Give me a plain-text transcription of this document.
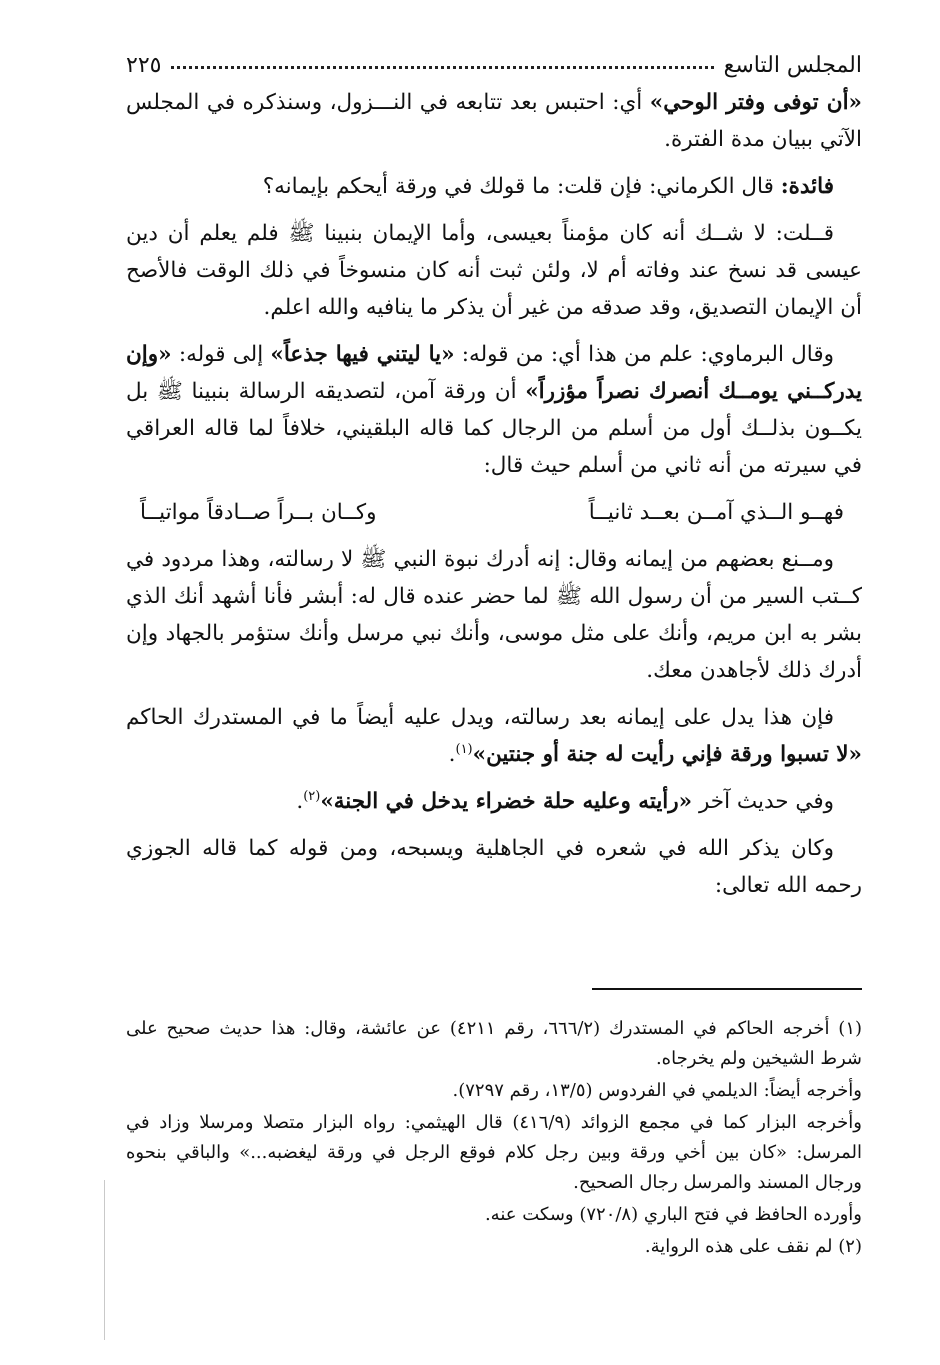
المجلس التاسع
٢٢٥

«أن توفى وفتر الوحي» أي: احتبس بعد تتابعه في النـــزول، وسنذكره في المجلس الآتي ببيان مدة الفترة.

فائدة: قال الكرماني: فإن قلت: ما قولك في ورقة أيحكم بإيمانه؟

قــلت: لا شــك أنه كان مؤمناً بعيسى، وأما الإيمان بنبينا ﷺ فلم يعلم أن دين عيسى قد نسخ عند وفاته أم لا، ولئن ثبت أنه كان منسوخاً في ذلك الوقت فالأصح أن الإيمان التصديق، وقد صدقه من غير أن يذكر ما ينافيه والله اعلم.

وقال البرماوي: علم من هذا أي: من قوله: «يا ليتني فيها جذعاً» إلى قوله: «وإن يدركــني يومــك أنصرك نصراً مؤزراً» أن ورقة آمن، لتصديقه الرسالة بنبينا ﷺ بل يكــون بذلــك أول من أسلم من الرجال كما قاله البلقيني، خلافاً لما قاله العراقي في سيرته من أنه ثاني من أسلم حيث قال:

فهــو الــذي آمــن بعــد ثانيــاً
وكــان بــراً صــادقاً مواتيــاً

ومــنع بعضهم من إيمانه وقال: إنه أدرك نبوة النبي ﷺ لا رسالته، وهذا مردود في كــتب السير من أن رسول الله ﷺ لما حضر عنده قال له: أبشر فأنا أشهد أنك الذي بشر به ابن مريم، وأنك على مثل موسى، وأنك نبي مرسل وأنك ستؤمر بالجهاد وإن أدرك ذلك لأجاهدن معك.

فإن هذا يدل على إيمانه بعد رسالته، ويدل عليه أيضاً ما في المستدرك الحاكم «لا تسبوا ورقة فإني رأيت له جنة أو جنتين»$^{(١)}$.

وفي حديث آخر «رأيته وعليه حلة خضراء يدخل في الجنة»$^{(٢)}$.

وكان يذكر الله في شعره في الجاهلية ويسبحه، ومن قوله كما قاله الجوزي رحمه الله تعالى:

(١) أخرجه الحاكم في المستدرك (٦٦٦/٢، رقم ٤٢١١) عن عائشة، وقال: هذا حديث صحيح على شرط الشيخين ولم يخرجاه.

وأخرجه أيضاً: الديلمي في الفردوس (١٣/٥، رقم ٧٢٩٧).

وأخرجه البزار كما في مجمع الزوائد (٤١٦/٩) قال الهيثمي: رواه البزار متصلا ومرسلا وزاد في المرسل: «كان بين أخي ورقة وبين رجل كلام فوقع الرجل في ورقة ليغضبه...» والباقي بنحوه ورجال المسند والمرسل رجال الصحيح.

وأورده الحافظ في فتح الباري (٧٢٠/٨) وسكت عنه.

(٢) لم نقف على هذه الرواية.
